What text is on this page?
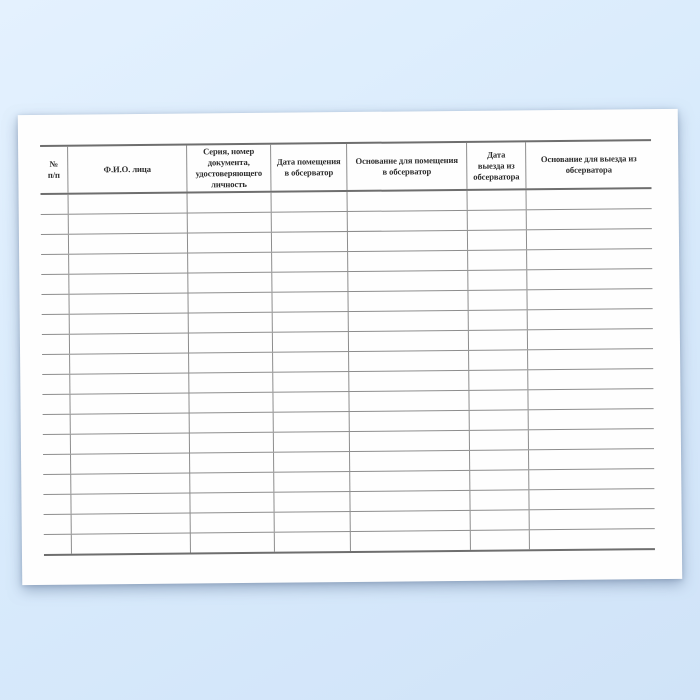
№
п/п
Ф.И.О. лица
Серия, номер
документа,
удостоверяющего
личность
Дата помещения
в обсерватор
Основание для помещения
в обсерватор
Дата
выезда из
обсерватора
Основание для выезда из
обсерватора
